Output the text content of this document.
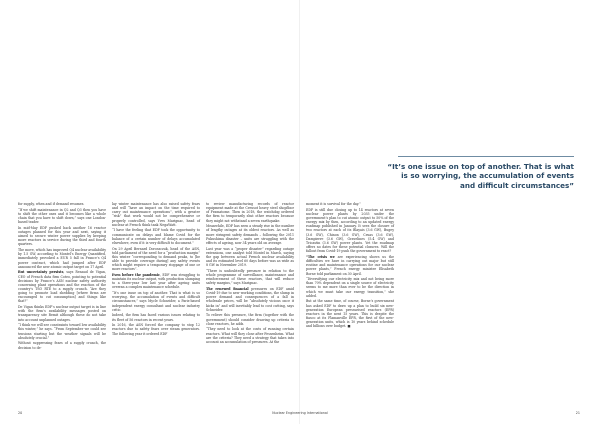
“It’s one issue on top of another. That is what is so worrying, the accumulation of events and difficult circumstances”

for supply, when and if demand resumes.

“If we shift maintenance in Q2 and Q3 then you have to shift the other ones and it becomes like a whole chain that you have to shift down,” says one London-based trader.

In mid-May EDF pushed back another 16 reactor outages planned for this year and next, saying it aimed to secure winter power supplies by keeping more reactors in service during the third and fourth quarters.

The move, which has improved Q4 nuclear availability by 1.5 GW, according to Montel’s Energy Quantified, immediately provoked a EUR 5 fall in France’s Q4 power contract, which had jumped after EDF announced the new atomic output target on 17 April.

But uncertainty persists, says Renaud de Vigan, CEO of French data firm Coteo, pointing to potential decisions by France’s ASN nuclear safety authority concerning plant operations and the reaction of the country’s TSO RTE to a supply crunch. “Are they going to promote load shedding [where firms are encouraged to cut consumption] and things like that?”

De Vigan thinks EDF’s nuclear output target is in line with the firm’s availability messages posted on transparency site Remit although these do not take into account unplanned outages.

“I think we will see constraints toward low availability this winter,” he says. “From September we could see tensions starting but the weather signals will be absolutely crucial.”

Without suppressing fears of a supply crunch, the decision to de-

lay winter maintenance has also raised safety fears and will “have an impact on the time required to carry out maintenance operations”, with a greater “risk” that work would not be comprehensive or properly controlled, says Yves Marignac, head of nuclear at French think tank NegaWatt.

“I have the feeling that EDF took the opportunity to communicate on delays and blame Covid for the balance of a certain number of delays accumulated elsewhere, even if it is very difficult to document.”

On 29 April Bernard Doroszczuk, head of the ASN, told parliament of the need for a “production margin” this winter “corresponding to demand peaks, to [be able to provide coverage during] any safety events which might require a temporary stoppage of one or more reactors”.

Even before the pandemic, EDF was struggling to maintain its nuclear output, with production slumping to a three-year low last year after ageing units overran a complex maintenance schedule.

“It’s one issue on top of another. That is what is so worrying, the accumulation of events and difficult circumstances,” says Mycle Schneider, a Paris-based independent energy consultant and nuclear industry critic.

Indeed, the firm has faced various issues relating to its fleet of 56 reactors in recent years.

In 2016, the ASN forced the company to stop 12 reactors due to safety fears over steam generators. The following year it ordered EDF

to review manufacturing records of reactor equipment made at the Creusot heavy steel shopfloor of Framatome. Then in 2018, the watchdog ordered the firm to temporarily shut other reactors because they might not withstand a seven earthquake.

Meanwhile, EDF has seen a steady rise in the number of lengthy outages at its oldest reactors. As well as more stringent safety demands – following the 2011 Fukushima disaster – units are struggling with the effects of ageing, now 34 years old on average.

Last year was a “proper disaster” regarding outage extensions, one analyst told Montel in March, saying the gap between actual French nuclear availability and its estimated level 60 days before was as wide as 8 GW in November 2019.

“There is undoubtedly pressure in relation to the whole programme of surveillance, maintenance and reinforcement of these reactors, that will reduce safety margins,” says Marignac.

The renewed financial pressures on EDF amid Covid-19 due to new working conditions, the slump in power demand and consequences of a fall in wholesale prices, will be “absolutely vicious once it kicks in” and will inevitably lead to cost cutting, says Schneider.

To relieve this pressure, the firm (together with the government) should consider drawing up criteria to close reactors, he adds.

“They need to look at the costs of running certain reactors. What will they close after Fessenheim. What are the criteria? They need a strategy that takes into account an accumulation of pressures. At the

moment it is survival for the day.”

EDF is still due closing up to 14 reactors at seven nuclear power plants by 2035 under the government’s plan to cut atomic output to 50% of the energy mix by then, according to an updated energy roadmap published in January. It sees the closure of two reactors at each of its Blayais (3.6 GW), Bugey (3.6 GW), Chinon (3.6 GW), Cruas (3.6 GW), Dampierre (3.6 GW), Gravelines (5.4 GW) and Tricastin (3.6 GW) power plants. Yet the roadmap offers no dates for these potential closures. Will the fallout from Covid-19 push the government to react?

“The crisis we are experiencing shows us the difficulties we have in carrying out major but still routine and maintenance operations for our nuclear power plants,” French energy minister Elisabeth Borne told parliament on 30 April.

“Diversifying our electricity mix and not being more than 70% dependent on a single source of electricity seems to me more than ever to be the direction in which we must take our energy transition,” she added.

But at the same time, of course, Borne’s government has asked EDF to draw up a plan to build six new-generation European pressurised reactors (EPR) reactors in the next 15 years. This is despite the fiasco at its Flamanville EPR, the first of the new-generation units, which is 10 years behind schedule and billions over budget. ■

20	Nuclear Engineering International	21
